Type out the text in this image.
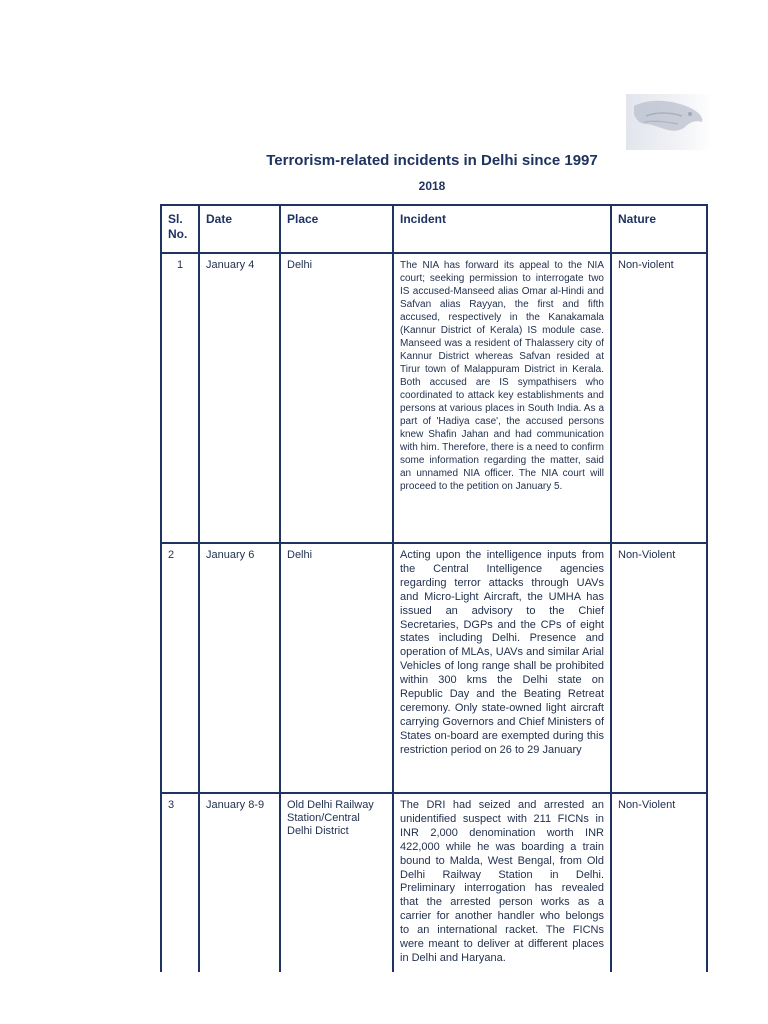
Terrorism-related incidents in Delhi since 1997
2018
Sl. No.	Date	Place	Incident	Nature
1	January 4	Delhi	The NIA has forward its appeal to the NIA court; seeking permission to interrogate two IS accused-Manseed alias Omar al-Hindi and Safvan alias Rayyan, the first and fifth accused, respectively in the Kanakamala (Kannur District of Kerala) IS module case. Manseed was a resident of Thalassery city of Kannur District whereas Safvan resided at Tirur town of Malappuram District in Kerala. Both accused are IS sympathisers who coordinated to attack key establishments and persons at various places in South India. As a part of 'Hadiya case', the accused persons knew Shafin Jahan and had communication with him. Therefore, there is a need to confirm some information regarding the matter, said an unnamed NIA officer. The NIA court will proceed to the petition on January 5.	Non-violent
2	January 6	Delhi	Acting upon the intelligence inputs from the Central Intelligence agencies regarding terror attacks through UAVs and Micro-Light Aircraft, the UMHA has issued an advisory to the Chief Secretaries, DGPs and the CPs of eight states including Delhi. Presence and operation of MLAs, UAVs and similar Arial Vehicles of long range shall be prohibited within 300 kms the Delhi state on Republic Day and the Beating Retreat ceremony. Only state-owned light aircraft carrying Governors and Chief Ministers of States on-board are exempted during this restriction period on 26 to 29 January	Non-Violent
3	January 8-9	Old Delhi Railway Station/Central Delhi District	The DRI had seized and arrested an unidentified suspect with 211 FICNs in INR 2,000 denomination worth INR 422,000 while he was boarding a train bound to Malda, West Bengal, from Old Delhi Railway Station in Delhi. Preliminary interrogation has revealed that the arrested person works as a carrier for another handler who belongs to an international racket. The FICNs were meant to deliver at different places in Delhi and Haryana.	Non-Violent
